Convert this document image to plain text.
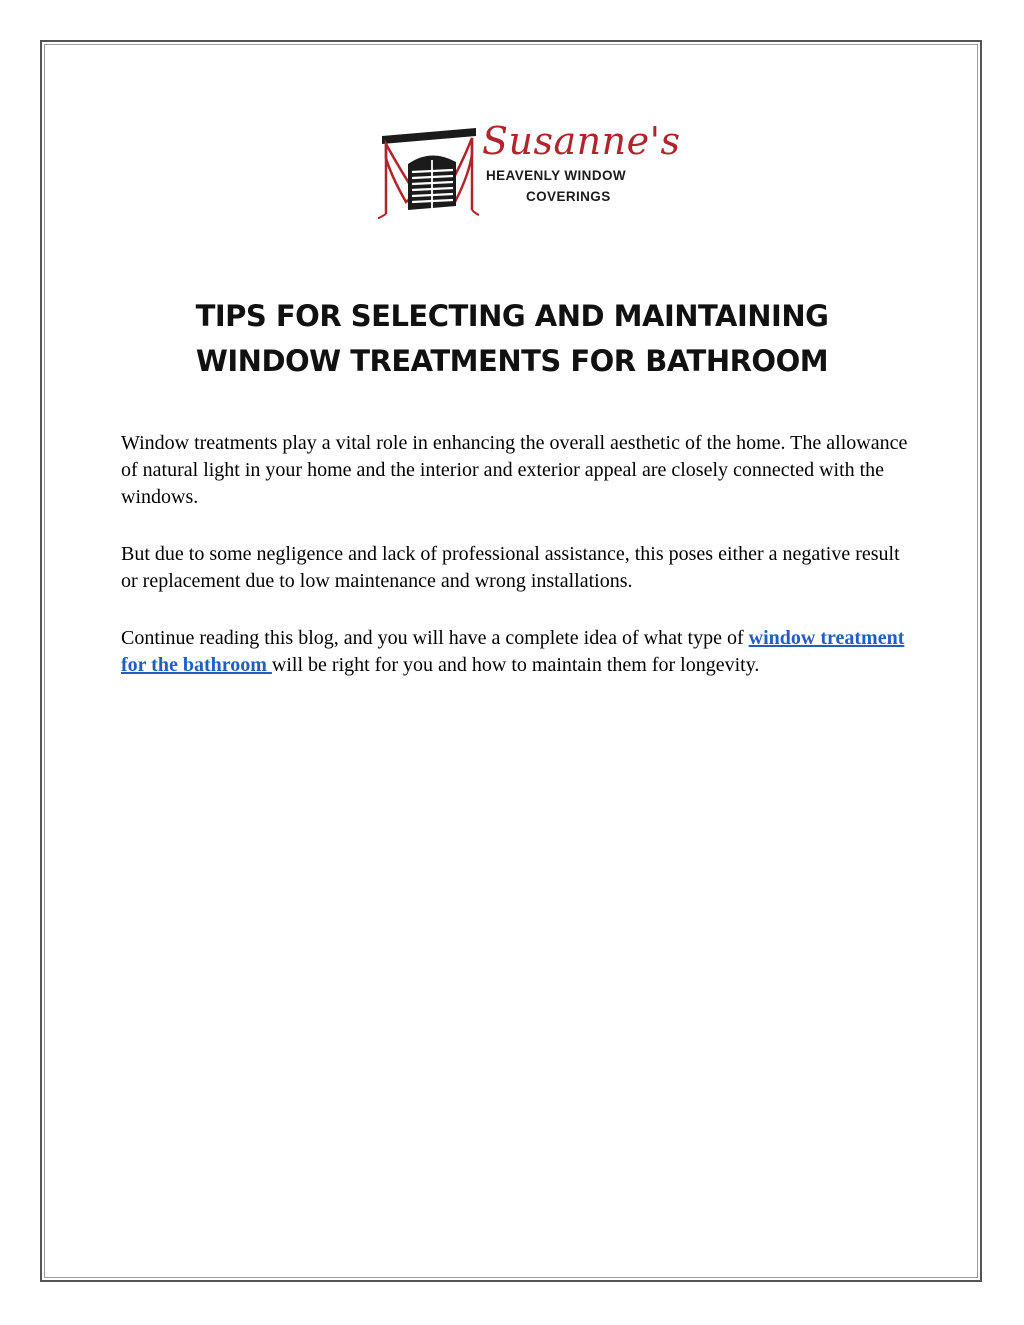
Susanne's
HEAVENLY WINDOW
COVERINGS
TIPS FOR SELECTING AND MAINTAINING
WINDOW TREATMENTS FOR BATHROOM

Window treatments play a vital role in enhancing the overall aesthetic of the home. The allowance of natural light in your home and the interior and exterior appeal are closely connected with the windows.

But due to some negligence and lack of professional assistance, this poses either a negative result or replacement due to low maintenance and wrong installations.

Continue reading this blog, and you will have a complete idea of what type of window treatment for the bathroom will be right for you and how to maintain them for longevity.
